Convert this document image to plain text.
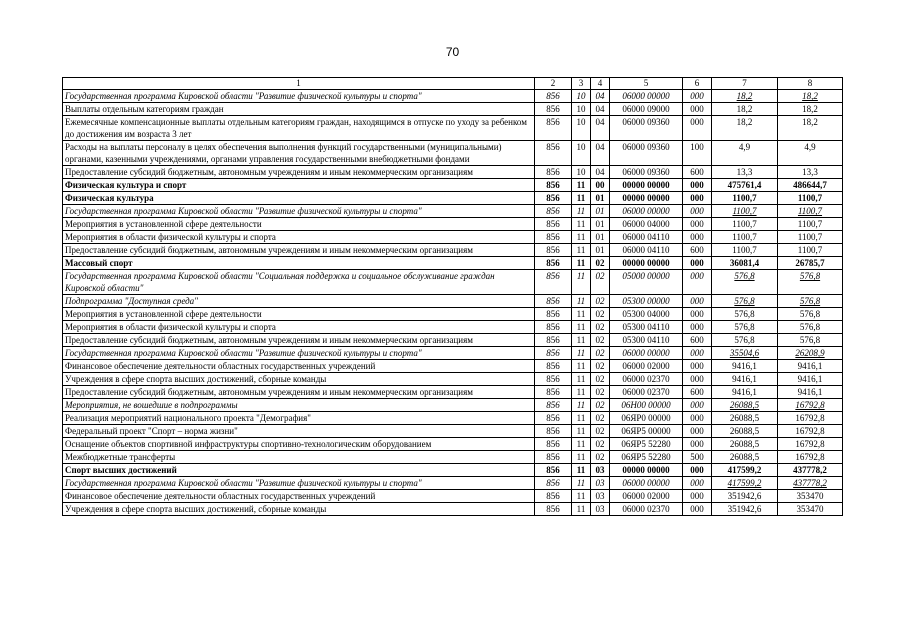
70
1	2	3	4	5	6	7	8
Государственная программа Кировской области "Развитие физической культуры и спорта"	856	10	04	06000 00000	000	18,2	18,2
Выплаты отдельным категориям граждан	856	10	04	06000 09000	000	18,2	18,2
Ежемесячные компенсационные выплаты отдельным категориям граждан, находящимся в отпуске по уходу за ребенком до достижения им возраста 3 лет	856	10	04	06000 09360	000	18,2	18,2
Расходы на выплаты персоналу в целях обеспечения выполнения функций государственными (муниципальными) органами, казенными учреждениями, органами управления государственными внебюджетными фондами	856	10	04	06000 09360	100	4,9	4,9
Предоставление субсидий бюджетным, автономным учреждениям и иным некоммерческим организациям	856	10	04	06000 09360	600	13,3	13,3
Физическая культура и спорт	856	11	00	00000 00000	000	475761,4	486644,7
Физическая культура	856	11	01	00000 00000	000	1100,7	1100,7
Государственная программа Кировской области "Развитие физической культуры и спорта"	856	11	01	06000 00000	000	1100,7	1100,7
Мероприятия в установленной сфере деятельности	856	11	01	06000 04000	000	1100,7	1100,7
Мероприятия в области физической культуры и спорта	856	11	01	06000 04110	000	1100,7	1100,7
Предоставление субсидий бюджетным, автономным учреждениям и иным некоммерческим организациям	856	11	01	06000 04110	600	1100,7	1100,7
Массовый спорт	856	11	02	00000 00000	000	36081,4	26785,7
Государственная программа Кировской области "Социальная поддержка и социальное обслуживание граждан Кировской области"	856	11	02	05000 00000	000	576,8	576,8
Подпрограмма "Доступная среда"	856	11	02	05300 00000	000	576,8	576,8
Мероприятия в установленной сфере деятельности	856	11	02	05300 04000	000	576,8	576,8
Мероприятия в области физической культуры и спорта	856	11	02	05300 04110	000	576,8	576,8
Предоставление субсидий бюджетным, автономным учреждениям и иным некоммерческим организациям	856	11	02	05300 04110	600	576,8	576,8
Государственная программа Кировской области "Развитие физической культуры и спорта"	856	11	02	06000 00000	000	35504,6	26208,9
Финансовое обеспечение деятельности областных государственных учреждений	856	11	02	06000 02000	000	9416,1	9416,1
Учреждения в сфере спорта высших достижений, сборные команды	856	11	02	06000 02370	000	9416,1	9416,1
Предоставление субсидий бюджетным, автономным учреждениям и иным некоммерческим организациям	856	11	02	06000 02370	600	9416,1	9416,1
Мероприятия, не вошедшие в подпрограммы	856	11	02	06Н00 00000	000	26088,5	16792,8
Реализация мероприятий национального проекта "Демография"	856	11	02	06ЯР0 00000	000	26088,5	16792,8
Федеральный проект "Спорт – норма жизни"	856	11	02	06ЯР5 00000	000	26088,5	16792,8
Оснащение объектов спортивной инфраструктуры спортивно-технологическим оборудованием	856	11	02	06ЯР5 52280	000	26088,5	16792,8
Межбюджетные трансферты	856	11	02	06ЯР5 52280	500	26088,5	16792,8
Спорт высших достижений	856	11	03	00000 00000	000	417599,2	437778,2
Государственная программа Кировской области "Развитие физической культуры и спорта"	856	11	03	06000 00000	000	417599,2	437778,2
Финансовое обеспечение деятельности областных государственных учреждений	856	11	03	06000 02000	000	351942,6	353470
Учреждения в сфере спорта высших достижений, сборные команды	856	11	03	06000 02370	000	351942,6	353470
